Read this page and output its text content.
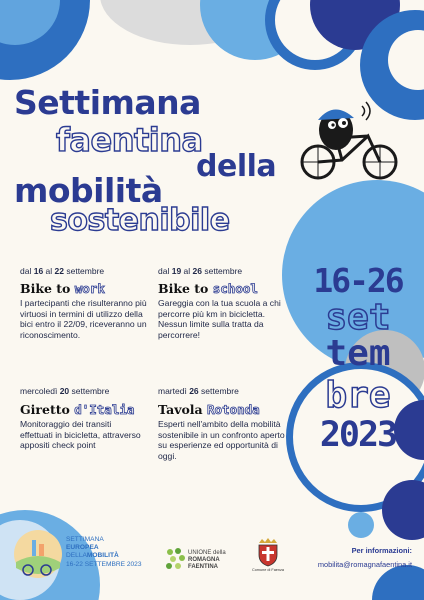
Settimana
faentina
della
mobilità
sostenibile
dal 16 al 22 settembre
Bike to work
I partecipanti che risulteranno più virtuosi in termini di utilizzo della bici entro il 22/09, riceveranno un riconoscimento.
dal 19 al 26 settembre
Bike to school
Gareggia con la tua scuola a chi percorre più km in bicicletta. Nessun limite sulla tratta da percorrere!
mercoledì 20 settembre
Giretto d'Italia
Monitoraggio dei transiti effettuati in bicicletta, attraverso appositi check point
martedì 26 settembre
Tavola Rotonda
Esperti nell'ambito della mobilità sostenibile in un confronto aperto su esperienze ed opportunità di oggi.
16-26
set
tem
bre
2023
SETTIMANA
EUROPEA
DELLAMOBILITÀ
16-22 SETTEMBRE 2023
UNIONE della
ROMAGNA
FAENTINA	Comune di Faenza
Per informazioni:
mobilita@romagnafaentina.it
